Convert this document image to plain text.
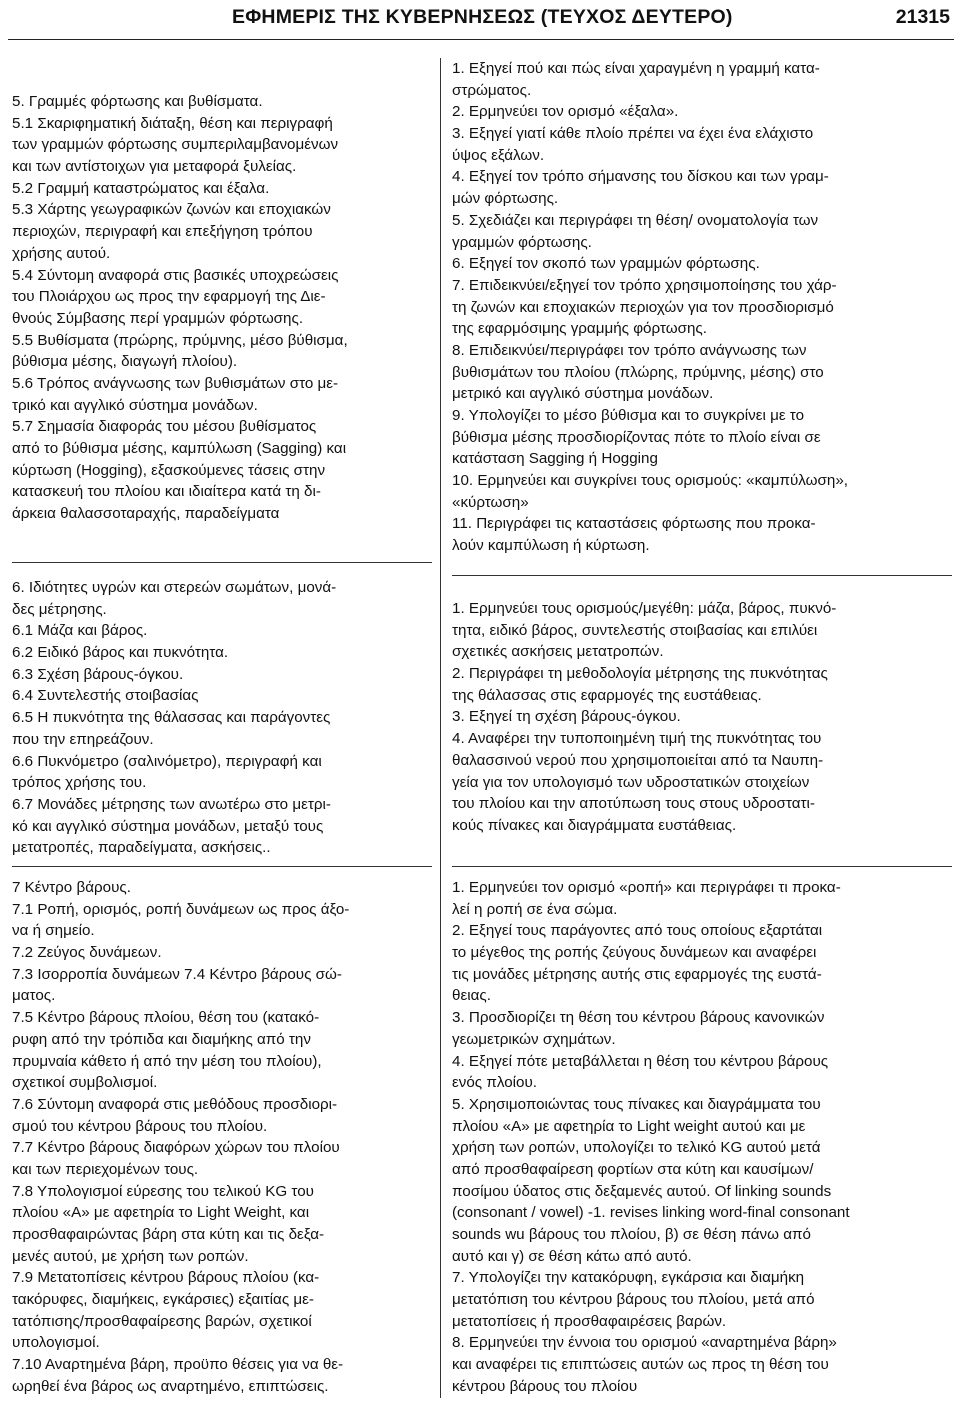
ΕΦΗΜΕΡΙΣ ΤΗΣ ΚΥΒΕΡΝΗΣΕΩΣ (ΤΕΥΧΟΣ ΔΕΥΤΕΡΟ)	21315
5. Γραμμές φόρτωσης και βυθίσματα.
5.1 Σκαριφηματική διάταξη, θέση και περιγραφή
των γραμμών φόρτωσης συμπεριλαμβανομένων
και των αντίστοιχων για μεταφορά ξυλείας.
5.2 Γραμμή καταστρώματος και έξαλα.
5.3 Χάρτης γεωγραφικών ζωνών και εποχιακών
περιοχών, περιγραφή και επεξήγηση τρόπου
χρήσης αυτού.
5.4 Σύντομη αναφορά στις βασικές υποχρεώσεις
του Πλοιάρχου ως προς την εφαρμογή της Διε-
θνούς Σύμβασης περί γραμμών φόρτωσης.
5.5 Βυθίσματα (πρώρης, πρύμνης, μέσο βύθισμα,
βύθισμα μέσης, διαγωγή πλοίου).
5.6 Τρόπος ανάγνωσης των βυθισμάτων στο με-
τρικό και αγγλικό σύστημα μονάδων.
5.7 Σημασία διαφοράς του μέσου βυθίσματος
από το βύθισμα μέσης, καμπύλωση (Sagging) και
κύρτωση (Hogging), εξασκούμενες τάσεις στην
κατασκευή του πλοίου και ιδιαίτερα κατά τη δι-
άρκεια θαλασσοταραχής, παραδείγματα
1. Εξηγεί πού και πώς είναι χαραγμένη η γραμμή κατα-
στρώματος.
2. Ερμηνεύει τον ορισμό «έξαλα».
3. Εξηγεί γιατί κάθε πλοίο πρέπει να έχει ένα ελάχιστο
ύψος εξάλων.
4. Εξηγεί τον τρόπο σήμανσης του δίσκου και των γραμ-
μών φόρτωσης.
5. Σχεδιάζει και περιγράφει τη θέση/ ονοματολογία των
γραμμών φόρτωσης.
6. Εξηγεί τον σκοπό των γραμμών φόρτωσης.
7. Επιδεικνύει/εξηγεί τον τρόπο χρησιμοποίησης του χάρ-
τη ζωνών και εποχιακών περιοχών για τον προσδιορισμό
της εφαρμόσιμης γραμμής φόρτωσης.
8. Επιδεικνύει/περιγράφει τον τρόπο ανάγνωσης των
βυθισμάτων του πλοίου (πλώρης, πρύμνης, μέσης) στο
μετρικό και αγγλικό σύστημα μονάδων.
9. Υπολογίζει το μέσο βύθισμα και το συγκρίνει με το
βύθισμα μέσης προσδιορίζοντας πότε το πλοίο είναι σε
κατάσταση Sagging ή Hogging
10. Ερμηνεύει και συγκρίνει τους ορισμούς: «καμπύλωση»,
«κύρτωση»
11. Περιγράφει τις καταστάσεις φόρτωσης που προκα-
λούν καμπύλωση ή κύρτωση.
6. Ιδιότητες υγρών και στερεών σωμάτων, μονά-
δες μέτρησης.
6.1 Μάζα και βάρος.
6.2 Ειδικό βάρος και πυκνότητα.
6.3 Σχέση βάρους-όγκου.
6.4 Συντελεστής στοιβασίας
6.5 Η πυκνότητα της θάλασσας και παράγοντες
που την επηρεάζουν.
6.6 Πυκνόμετρο (σαλινόμετρο), περιγραφή και
τρόπος χρήσης του.
6.7 Μονάδες μέτρησης των ανωτέρω στο μετρι-
κό και αγγλικό σύστημα μονάδων, μεταξύ τους
μετατροπές, παραδείγματα, ασκήσεις..
1. Ερμηνεύει τους ορισμούς/μεγέθη: μάζα, βάρος, πυκνό-
τητα, ειδικό βάρος, συντελεστής στοιβασίας και επιλύει
σχετικές ασκήσεις μετατροπών.
2. Περιγράφει τη μεθοδολογία μέτρησης της πυκνότητας
της θάλασσας στις εφαρμογές της ευστάθειας.
3. Εξηγεί τη σχέση βάρους-όγκου.
4. Αναφέρει την τυποποιημένη τιμή της πυκνότητας του
θαλασσινού νερού που χρησιμοποιείται από τα Ναυπη-
γεία για τον υπολογισμό των υδροστατικών στοιχείων
του πλοίου και την αποτύπωση τους στους υδροστατι-
κούς πίνακες και διαγράμματα ευστάθειας.
7 Κέντρο βάρους.
7.1 Ροπή, ορισμός, ροπή δυνάμεων ως προς άξο-
να ή σημείο.
7.2 Ζεύγος δυνάμεων.
7.3 Ισορροπία δυνάμεων 7.4 Κέντρο βάρους σώ-
ματος.
7.5 Κέντρο βάρους πλοίου, θέση του (κατακό-
ρυφη από την τρόπιδα και διαμήκης από την
πρυμναία κάθετο ή από την μέση του πλοίου),
σχετικοί συμβολισμοί.
7.6 Σύντομη αναφορά στις μεθόδους προσδιορι-
σμού του κέντρου βάρους του πλοίου.
7.7 Κέντρο βάρους διαφόρων χώρων του πλοίου
και των περιεχομένων τους.
7.8 Υπολογισμοί εύρεσης του τελικού KG του
πλοίου «Α» με αφετηρία το Light Weight, και
προσθαφαιρώντας βάρη στα κύτη και τις δεξα-
μενές αυτού, με χρήση των ροπών.
7.9 Μετατοπίσεις κέντρου βάρους πλοίου (κα-
τακόρυφες, διαμήκεις, εγκάρσιες) εξαιτίας με-
τατόπισης/προσθαφαίρεσης βαρών, σχετικοί
υπολογισμοί.
7.10 Αναρτημένα βάρη, προϋπο θέσεις για να θε-
ωρηθεί ένα βάρος ως αναρτημένο, επιπτώσεις.
1. Ερμηνεύει τον ορισμό «ροπή» και περιγράφει τι προκα-
λεί η ροπή σε ένα σώμα.
2. Εξηγεί τους παράγοντες από τους οποίους εξαρτάται
το μέγεθος της ροπής ζεύγους δυνάμεων και αναφέρει
τις μονάδες μέτρησης αυτής στις εφαρμογές της ευστά-
θειας.
3. Προσδιορίζει τη θέση του κέντρου βάρους κανονικών
γεωμετρικών σχημάτων.
4. Εξηγεί πότε μεταβάλλεται η θέση του κέντρου βάρους
ενός πλοίου.
5. Χρησιμοποιώντας τους πίνακες και διαγράμματα του
πλοίου «Α» με αφετηρία το Light weight αυτού και με
χρήση των ροπών, υπολογίζει το τελικό KG αυτού μετά
από προσθαφαίρεση φορτίων στα κύτη και καυσίμων/
ποσίμου ύδατος στις δεξαμενές αυτού. Of linking sounds
(consonant / vowel) -1. revises linking word-final consonant
sounds wu βάρους του πλοίου, β) σε θέση πάνω από
αυτό και γ) σε θέση κάτω από αυτό.
7. Υπολογίζει την κατακόρυφη, εγκάρσια και διαμήκη
μετατόπιση του κέντρου βάρους του πλοίου, μετά από
μετατοπίσεις ή προσθαφαιρέσεις βαρών.
8. Ερμηνεύει την έννοια του ορισμού «αναρτημένα βάρη»
και αναφέρει τις επιπτώσεις αυτών ως προς τη θέση του
κέντρου βάρους του πλοίου
